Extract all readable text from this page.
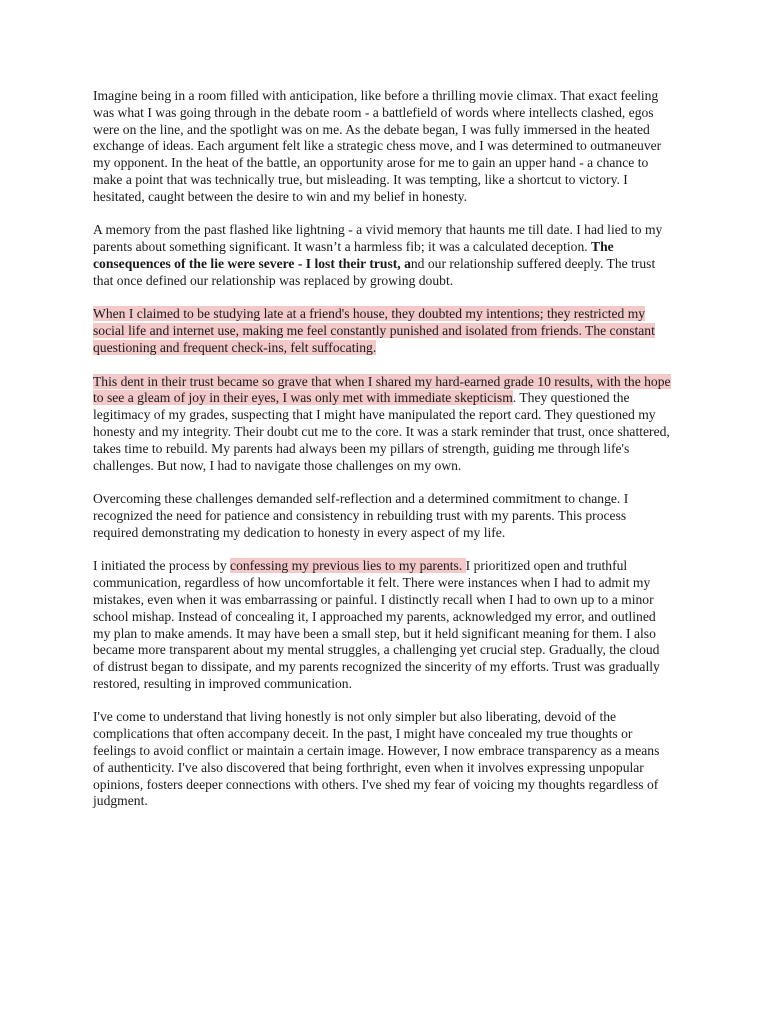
Imagine being in a room filled with anticipation, like before a thrilling movie climax. That exact feeling was what I was going through in the debate room - a battlefield of words where intellects clashed, egos were on the line, and the spotlight was on me. As the debate began, I was fully immersed in the heated exchange of ideas. Each argument felt like a strategic chess move, and I was determined to outmaneuver my opponent. In the heat of the battle, an opportunity arose for me to gain an upper hand - a chance to make a point that was technically true, but misleading. It was tempting, like a shortcut to victory. I hesitated, caught between the desire to win and my belief in honesty.

A memory from the past flashed like lightning - a vivid memory that haunts me till date. I had lied to my parents about something significant. It wasn’t a harmless fib; it was a calculated deception. The consequences of the lie were severe - I lost their trust, and our relationship suffered deeply. The trust that once defined our relationship was replaced by growing doubt.

When I claimed to be studying late at a friend's house, they doubted my intentions; they restricted my social life and internet use, making me feel constantly punished and isolated from friends. The constant questioning and frequent check-ins, felt suffocating.

This dent in their trust became so grave that when I shared my hard-earned grade 10 results, with the hope to see a gleam of joy in their eyes, I was only met with immediate skepticism. They questioned the legitimacy of my grades, suspecting that I might have manipulated the report card. They questioned my honesty and my integrity. Their doubt cut me to the core. It was a stark reminder that trust, once shattered, takes time to rebuild. My parents had always been my pillars of strength, guiding me through life's challenges. But now, I had to navigate those challenges on my own.

Overcoming these challenges demanded self-reflection and a determined commitment to change. I recognized the need for patience and consistency in rebuilding trust with my parents. This process required demonstrating my dedication to honesty in every aspect of my life.

I initiated the process by confessing my previous lies to my parents. I prioritized open and truthful communication, regardless of how uncomfortable it felt. There were instances when I had to admit my mistakes, even when it was embarrassing or painful. I distinctly recall when I had to own up to a minor school mishap. Instead of concealing it, I approached my parents, acknowledged my error, and outlined my plan to make amends. It may have been a small step, but it held significant meaning for them. I also became more transparent about my mental struggles, a challenging yet crucial step. Gradually, the cloud of distrust began to dissipate, and my parents recognized the sincerity of my efforts. Trust was gradually restored, resulting in improved communication.

I've come to understand that living honestly is not only simpler but also liberating, devoid of the complications that often accompany deceit. In the past, I might have concealed my true thoughts or feelings to avoid conflict or maintain a certain image. However, I now embrace transparency as a means of authenticity. I've also discovered that being forthright, even when it involves expressing unpopular opinions, fosters deeper connections with others. I've shed my fear of voicing my thoughts regardless of judgment.
